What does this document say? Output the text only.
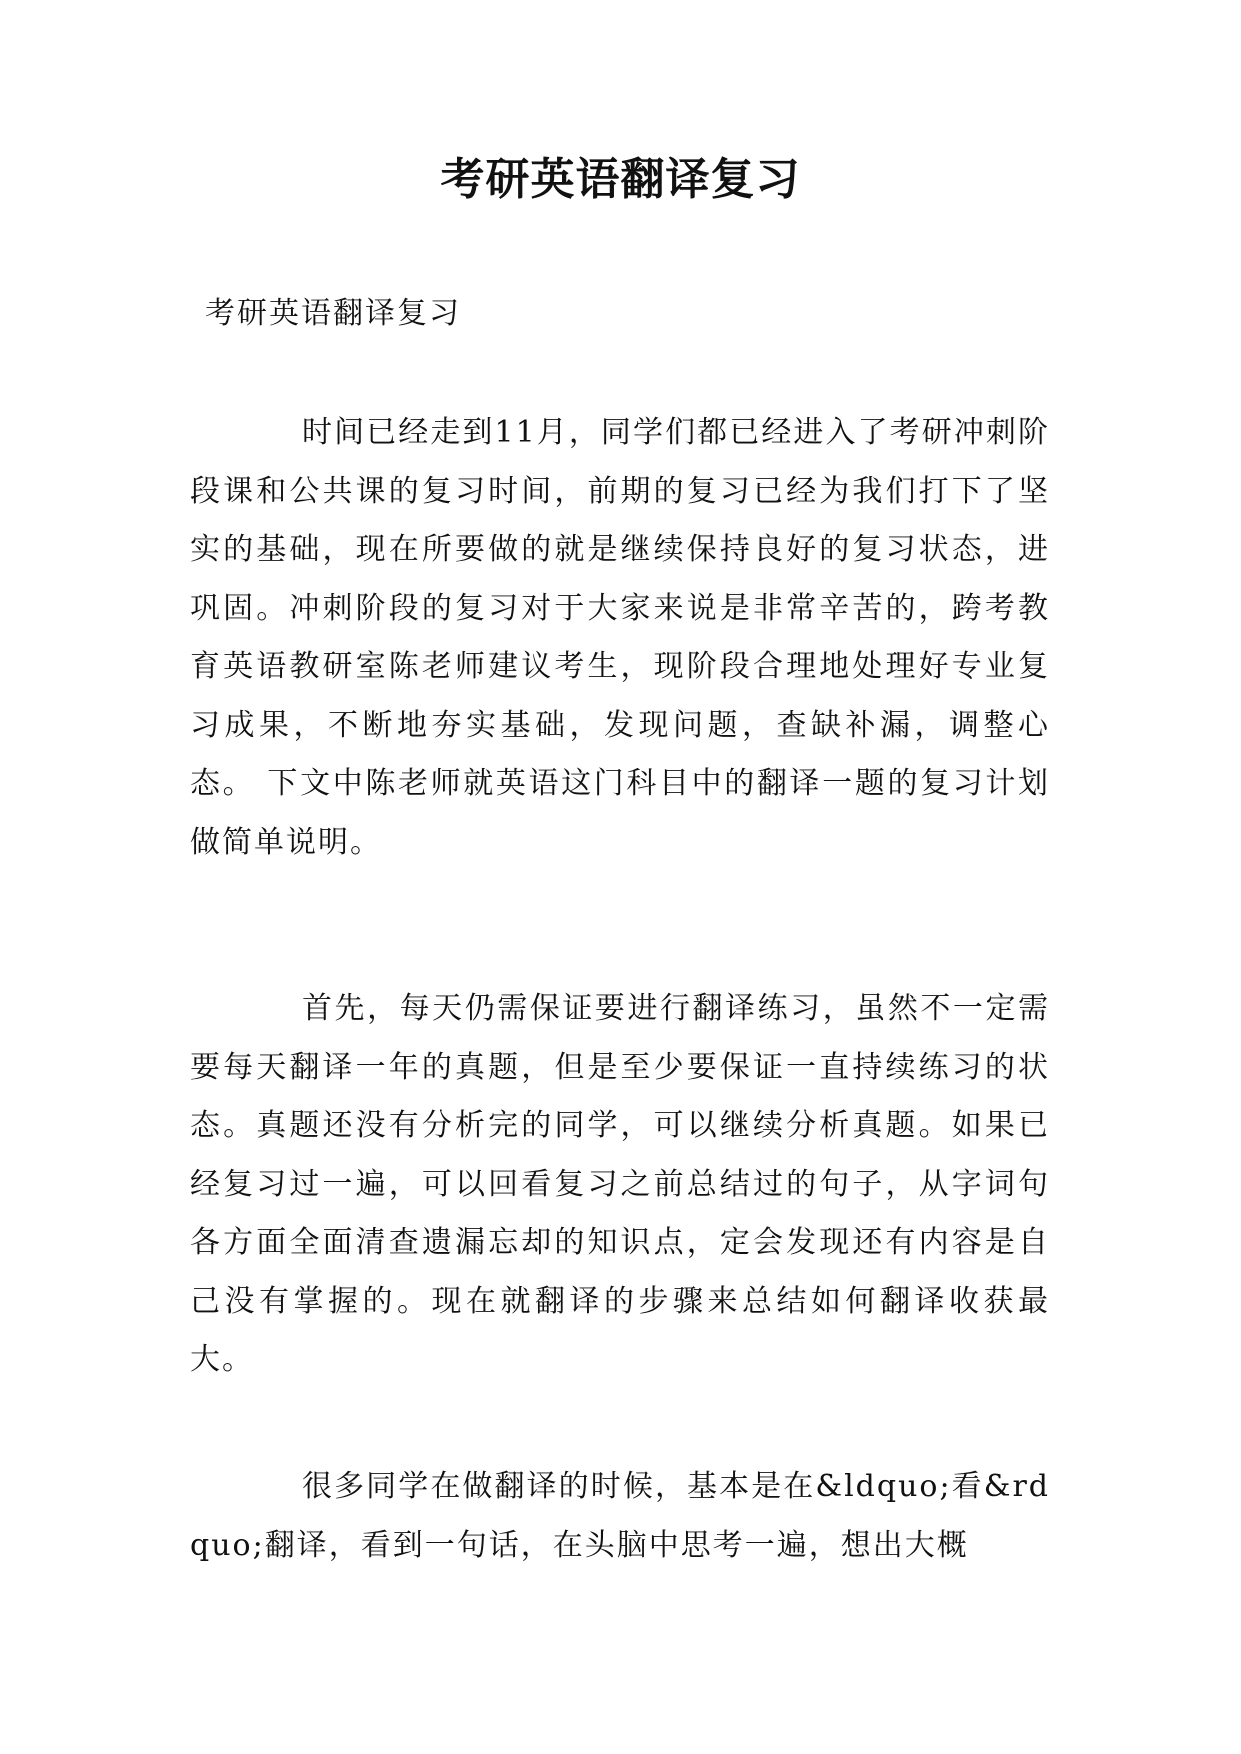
考研英语翻译复习
考研英语翻译复习

时间已经走到11月，同学们都已经进入了考研冲刺阶段课和公共课的复习时间，前期的复习已经为我们打下了坚实的基础，现在所要做的就是继续保持良好的复习状态，进巩固。冲刺阶段的复习对于大家来说是非常辛苦的，跨考教育英语教研室陈老师建议考生，现阶段合理地处理好专业复习成果，不断地夯实基础，发现问题，查缺补漏，调整心态。 下文中陈老师就英语这门科目中的翻译一题的复习计划做简单说明。

首先，每天仍需保证要进行翻译练习，虽然不一定需要每天翻译一年的真题，但是至少要保证一直持续练习的状态。真题还没有分析完的同学，可以继续分析真题。如果已经复习过一遍，可以回看复习之前总结过的句子，从字词句各方面全面清查遗漏忘却的知识点，定会发现还有内容是自己没有掌握的。现在就翻译的步骤来总结如何翻译收获最大。

很多同学在做翻译的时候，基本是在&ldquo;看&rdquo;翻译，看到一句话，在头脑中思考一遍，想出大概
